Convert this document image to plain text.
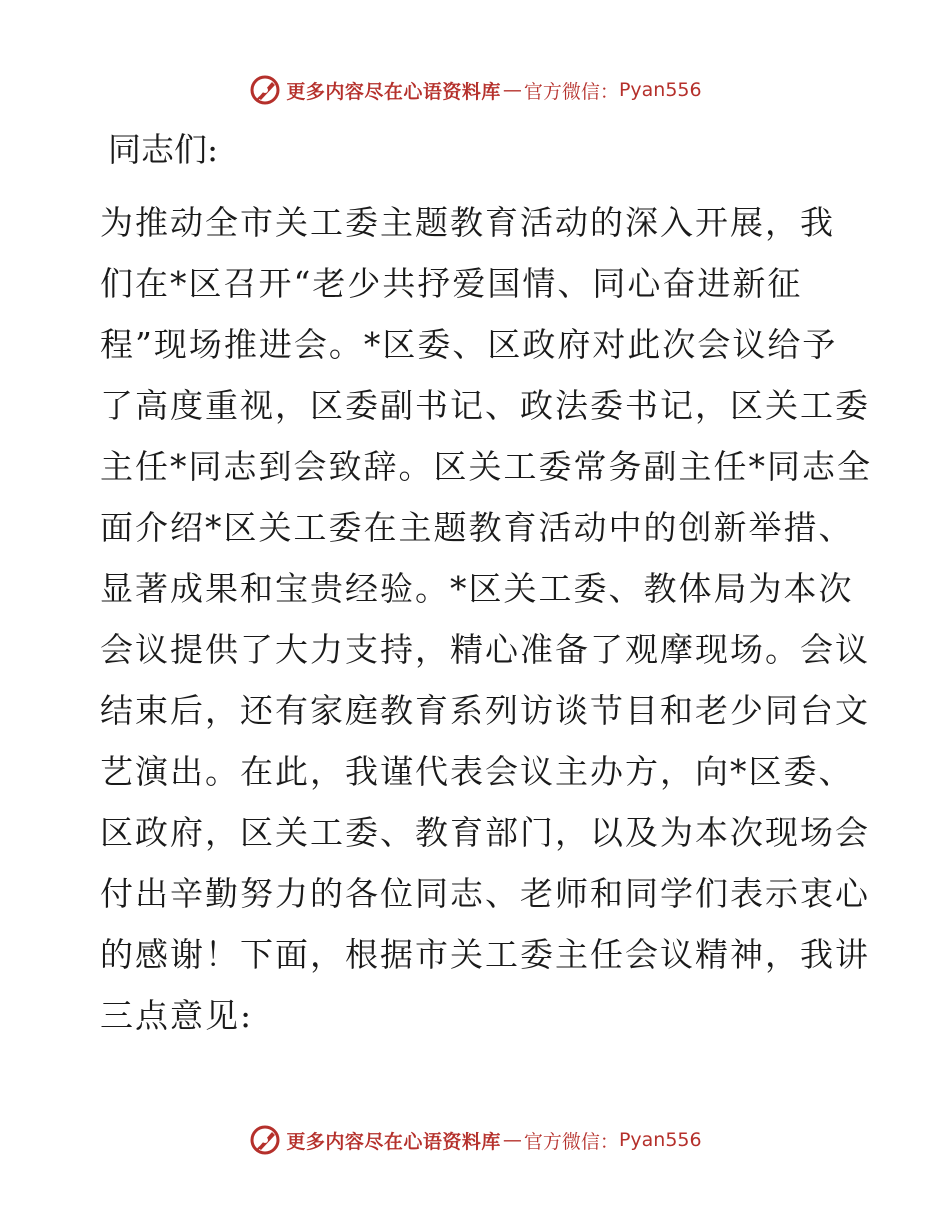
更多内容尽在心语资料库 — 官方微信： Pyan556

同志们:

为推动全市关工委主题教育活动的深入开展，我
们在*区召开“老少共抒爱国情、同心奋进新征
程”现场推进会。*区委、区政府对此次会议给予
了高度重视，区委副书记、政法委书记，区关工委
主任*同志到会致辞。区关工委常务副主任*同志全
面介绍*区关工委在主题教育活动中的创新举措、
显著成果和宝贵经验。*区关工委、教体局为本次
会议提供了大力支持，精心准备了观摩现场。会议
结束后，还有家庭教育系列访谈节目和老少同台文
艺演出。在此，我谨代表会议主办方，向*区委、
区政府，区关工委、教育部门，以及为本次现场会
付出辛勤努力的各位同志、老师和同学们表示衷心
的感谢！下面，根据市关工委主任会议精神，我讲
三点意见:
更多内容尽在心语资料库 — 官方微信： Pyan556
